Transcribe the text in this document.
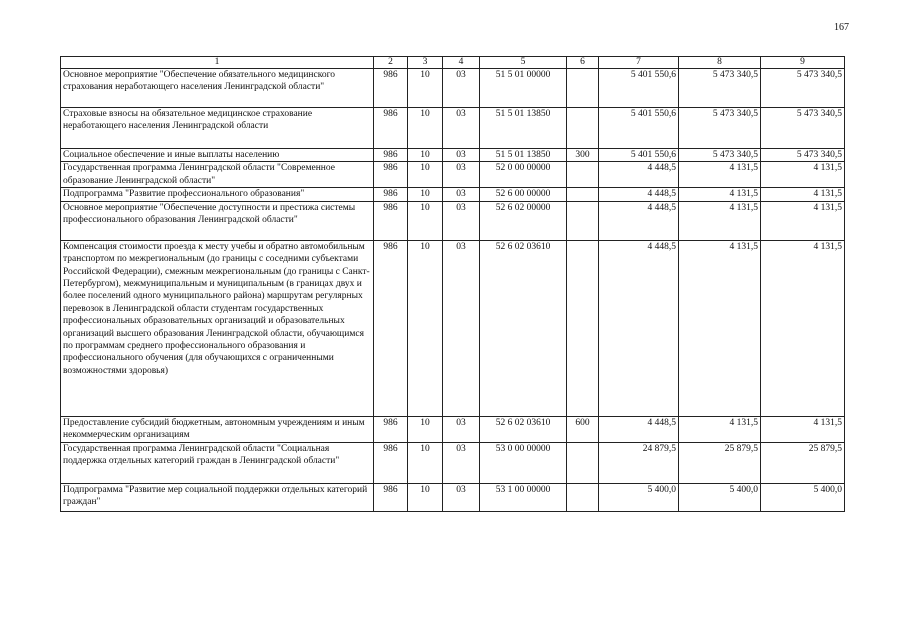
167
1	2	3	4	5	6	7	8	9
Основное мероприятие "Обеспечение обязательного медицинского страхования неработающего населения Ленинградской области"	986	10	03	51 5 01 00000		5 401 550,6	5 473 340,5	5 473 340,5
Страховые взносы на обязательное медицинское страхование неработающего населения Ленинградской области	986	10	03	51 5 01 13850		5 401 550,6	5 473 340,5	5 473 340,5
Социальное обеспечение и иные выплаты населению	986	10	03	51 5 01 13850	300	5 401 550,6	5 473 340,5	5 473 340,5
Государственная программа Ленинградской области "Современное образование Ленинградской области"	986	10	03	52 0 00 00000		4 448,5	4 131,5	4 131,5
Подпрограмма "Развитие профессионального образования"	986	10	03	52 6 00 00000		4 448,5	4 131,5	4 131,5
Основное мероприятие "Обеспечение доступности и престижа системы профессионального образования Ленинградской области"	986	10	03	52 6 02 00000		4 448,5	4 131,5	4 131,5
Компенсация стоимости проезда к месту учебы и обратно автомобильным транспортом по межрегиональным (до границы с соседними субъектами Российской Федерации), смежным межрегиональным (до границы с Санкт-Петербургом), межмуниципальным и муниципальным (в границах двух и более поселений одного муниципального района) маршрутам регулярных перевозок в Ленинградской области студентам государственных профессиональных образовательных организаций и образовательных организаций высшего образования Ленинградской области, обучающимся по программам среднего профессионального образования и профессионального обучения (для обучающихся с ограниченными возможностями здоровья)	986	10	03	52 6 02 03610		4 448,5	4 131,5	4 131,5
Предоставление субсидий бюджетным, автономным учреждениям и иным некоммерческим организациям	986	10	03	52 6 02 03610	600	4 448,5	4 131,5	4 131,5
Государственная программа Ленинградской области "Социальная поддержка отдельных категорий граждан в Ленинградской области"	986	10	03	53 0 00 00000		24 879,5	25 879,5	25 879,5
Подпрограмма "Развитие мер социальной поддержки отдельных категорий граждан"	986	10	03	53 1 00 00000		5 400,0	5 400,0	5 400,0
